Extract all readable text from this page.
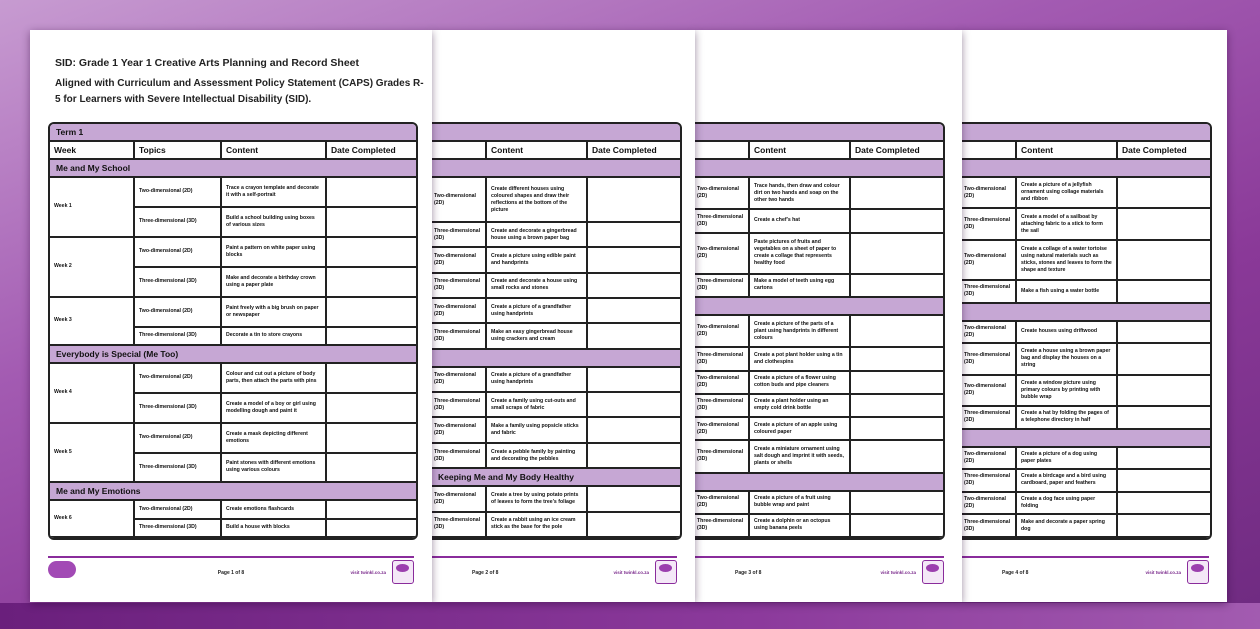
	Content	Date Completed

Two-dimensional (2D)	Create a picture of a jellyfish ornament using collage materials and ribbon	
Three-dimensional (3D)	Create a model of a sailboat by attaching fabric to a stick to form the sail	
Two-dimensional (2D)	Create a collage of a water tortoise using natural materials such as sticks, stones and leaves to form the shape and texture	
Three-dimensional (3D)	Make a fish using a water bottle	

Two-dimensional (2D)	Create houses using driftwood	
Three-dimensional (3D)	Create a house using a brown paper bag and display the houses on a string	
Two-dimensional (2D)	Create a window picture using primary colours by printing with bubble wrap	
Three-dimensional (3D)	Create a hat by folding the pages of a telephone directory in half	

Two-dimensional (2D)	Create a picture of a dog using paper plates	
Three-dimensional (3D)	Create a birdcage and a bird using cardboard, paper and feathers	
Two-dimensional (2D)	Create a dog face using paper folding	
Three-dimensional (3D)	Make and decorate a paper spring dog	
Page 4 of 8	visit twinkl.co.za

	Content	Date Completed

Two-dimensional (2D)	Trace hands, then draw and colour dirt on two hands and soap on the other two hands	
Three-dimensional (3D)	Create a chef's hat	
Two-dimensional (2D)	Paste pictures of fruits and vegetables on a sheet of paper to create a collage that represents healthy food	
Three-dimensional (3D)	Make a model of teeth using egg cartons	

Two-dimensional (2D)	Create a picture of the parts of a plant using handprints in different colours	
Three-dimensional (3D)	Create a pot plant holder using a tin and clothespins	
Two-dimensional (2D)	Create a picture of a flower using cotton buds and pipe cleaners	
Three-dimensional (3D)	Create a plant holder using an empty cold drink bottle	
Two-dimensional (2D)	Create a picture of an apple using coloured paper	
Three-dimensional (3D)	Create a miniature ornament using salt dough and imprint it with seeds, plants or shells	

Two-dimensional (2D)	Create a picture of a fruit using bubble wrap and paint	
Three-dimensional (3D)	Create a dolphin or an octopus using banana peels	
Page 3 of 8	visit twinkl.co.za

	Content	Date Completed

Two-dimensional (2D)	Create different houses using coloured shapes and draw their reflections at the bottom of the picture	
Three-dimensional (3D)	Create and decorate a gingerbread house using a brown paper bag	
Two-dimensional (2D)	Create a picture using edible paint and handprints	
Three-dimensional (3D)	Create and decorate a house using small rocks and stones	
Two-dimensional (2D)	Create a picture of a grandfather using handprints	
Three-dimensional (3D)	Make an easy gingerbread house using crackers and cream	

Two-dimensional (2D)	Create a picture of a grandfather using handprints	
Three-dimensional (3D)	Create a family using cut-outs and small scraps of fabric	
Two-dimensional (2D)	Make a family using popsicle sticks and fabric	
Three-dimensional (3D)	Create a pebble family by painting and decorating the pebbles	
Keeping Me and My Body Healthy		
Two-dimensional (2D)	Create a tree by using potato prints of leaves to form the tree's foliage	
Three-dimensional (3D)	Create a rabbit using an ice cream stick as the base for the pole	
Page 2 of 8	visit twinkl.co.za
SID: Grade 1 Year 1 Creative Arts Planning and Record Sheet
Aligned with Curriculum and Assessment Policy Statement (CAPS) Grades R-5 for Learners with Severe Intellectual Disability (SID).
Term 1			
Week	Topics	Content	Date Completed
Me and My School			
Week 1	Two-dimensional (2D)	Trace a crayon template and decorate it with a self-portrait	
	Three-dimensional (3D)	Build a school building using boxes of various sizes	
Week 2	Two-dimensional (2D)	Paint a pattern on white paper using blocks	
	Three-dimensional (3D)	Make and decorate a birthday crown using a paper plate	
Week 3	Two-dimensional (2D)	Paint freely with a big brush on paper or newspaper	
	Three-dimensional (3D)	Decorate a tin to store crayons	
Everybody is Special (Me Too)			
Week 4	Two-dimensional (2D)	Colour and cut out a picture of body parts, then attach the parts with pins	
	Three-dimensional (3D)	Create a model of a boy or girl using modelling dough and paint it	
Week 5	Two-dimensional (2D)	Create a mask depicting different emotions	
	Three-dimensional (3D)	Paint stones with different emotions using various colours	
Me and My Emotions			
Week 6	Two-dimensional (2D)	Create emotions flashcards	
	Three-dimensional (3D)	Build a house with blocks	
Page 1 of 8	visit twinkl.co.za
